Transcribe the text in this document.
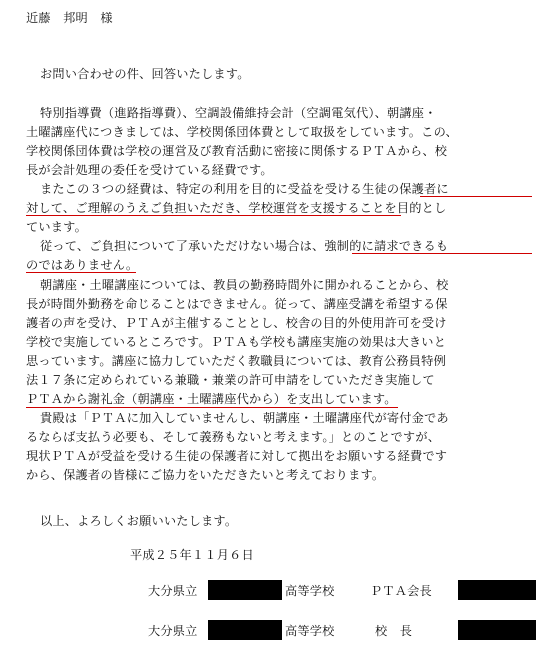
近藤　邦明　様
お問い合わせの件、回答いたします。
特別指導費（進路指導費）、空調設備維持会計（空調電気代）、朝講座・
土曜講座代につきましては、学校関係団体費として取扱をしています。この、
学校関係団体費は学校の運営及び教育活動に密接に関係するＰＴＡから、校
長が会計処理の委任を受けている経費です。
またこの３つの経費は、特定の利用を目的に受益を受ける生徒の保護者に
対して、ご理解のうえご負担いただき、学校運営を支援することを目的とし
ています。
従って、ご負担について了承いただけない場合は、強制的に請求できるも
のではありません。
朝講座・土曜講座については、教員の勤務時間外に開かれることから、校
長が時間外勤務を命じることはできません。従って、講座受講を希望する保
護者の声を受け、ＰＴＡが主催することとし、校舎の目的外使用許可を受け
学校で実施しているところです。ＰＴＡも学校も講座実施の効果は大きいと
思っています。講座に協力していただく教職員については、教育公務員特例
法１７条に定められている兼職・兼業の許可申請をしていただき実施して
ＰＴＡから謝礼金（朝講座・土曜講座代から）を支出しています。
貴殿は「ＰＴＡに加入していませんし、朝講座・土曜講座代が寄付金であ
るならば支払う必要も、そして義務もないと考えます。」とのことですが、
現状ＰＴＡが受益を受ける生徒の保護者に対して拠出をお願いする経費です
から、保護者の皆様にご協力をいただきたいと考えております。
以上、よろしくお願いいたします。
平成２５年１１月６日
大分県立	高等学校	ＰＴＡ会長
大分県立	高等学校	校　長
